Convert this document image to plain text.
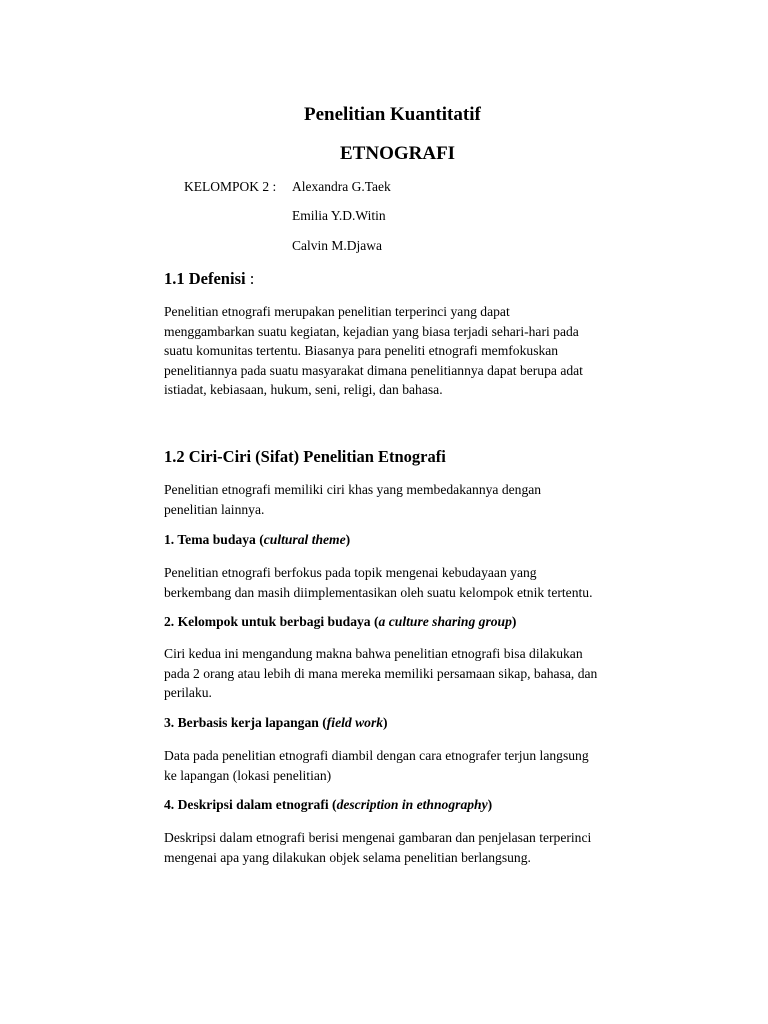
Penelitian Kuantitatif
ETNOGRAFI
KELOMPOK 2 : Alexandra G.Taek
Emilia Y.D.Witin
Calvin M.Djawa
1.1 Defenisi :
Penelitian etnografi merupakan penelitian terperinci yang dapat
menggambarkan suatu kegiatan, kejadian yang biasa terjadi sehari-hari pada
suatu komunitas tertentu. Biasanya para peneliti etnografi memfokuskan
penelitiannya pada suatu masyarakat dimana penelitiannya dapat berupa adat
istiadat, kebiasaan, hukum, seni, religi, dan bahasa.
1.2 Ciri-Ciri (Sifat) Penelitian Etnografi
Penelitian etnografi memiliki ciri khas yang membedakannya dengan
penelitian lainnya.
1. Tema budaya (cultural theme)
Penelitian etnografi berfokus pada topik mengenai kebudayaan yang
berkembang dan masih diimplementasikan oleh suatu kelompok etnik tertentu.
2. Kelompok untuk berbagi budaya (a culture sharing group)
Ciri kedua ini mengandung makna bahwa penelitian etnografi bisa dilakukan
pada 2 orang atau lebih di mana mereka memiliki persamaan sikap, bahasa, dan
perilaku.
3. Berbasis kerja lapangan (field work)
Data pada penelitian etnografi diambil dengan cara etnografer terjun langsung
ke lapangan (lokasi penelitian)
4. Deskripsi dalam etnografi (description in ethnography)
Deskripsi dalam etnografi berisi mengenai gambaran dan penjelasan terperinci
mengenai apa yang dilakukan objek selama penelitian berlangsung.
